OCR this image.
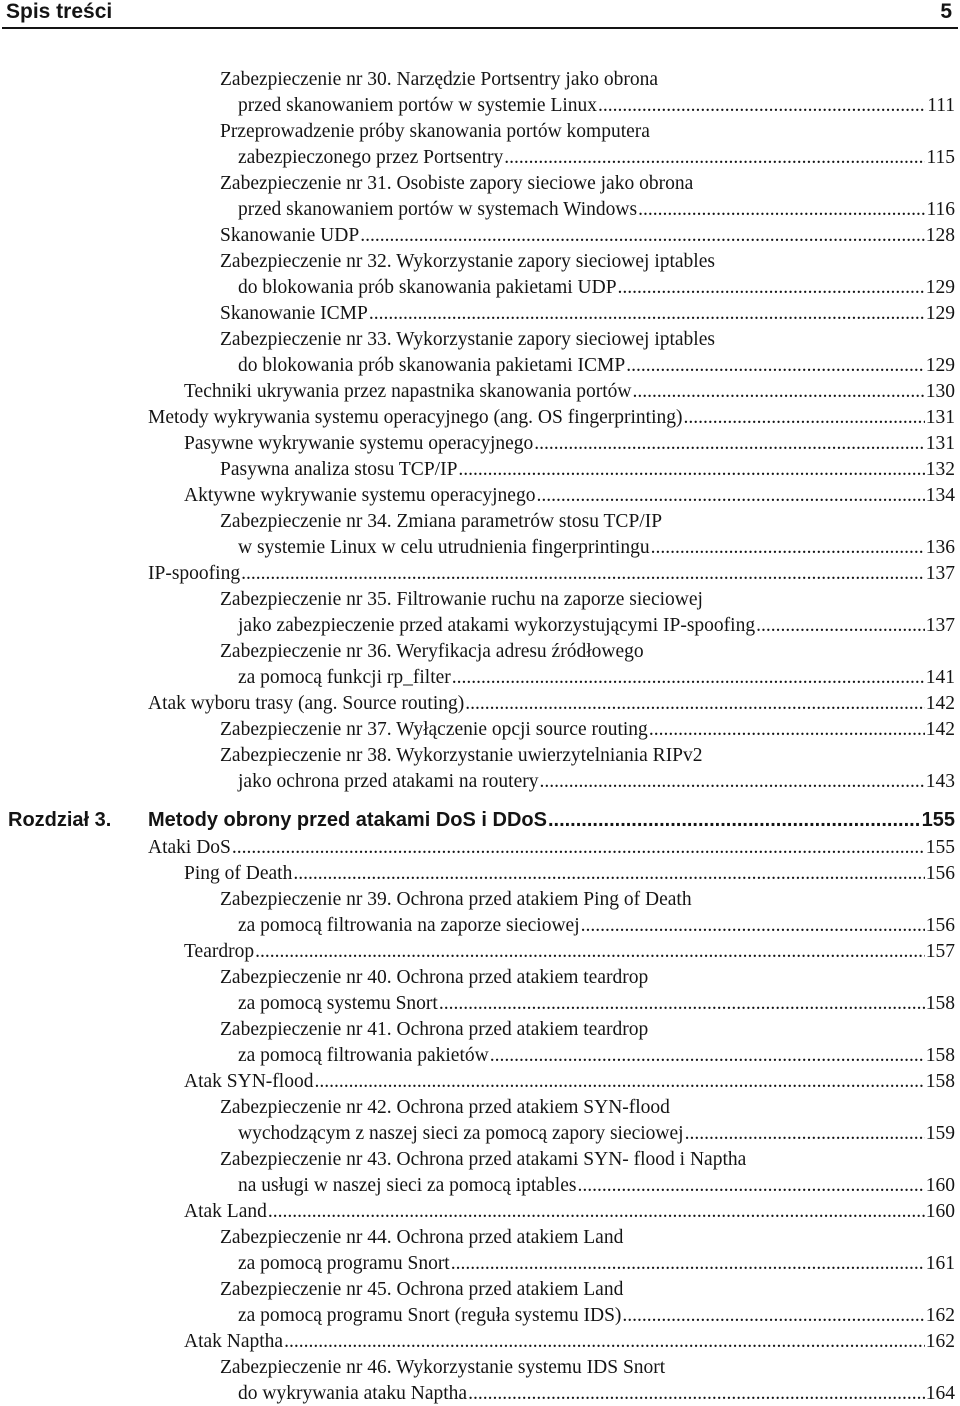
Spis treści	5
Rozdział 3.
Zabezpieczenie nr 30. Narzędzie Portsentry jako obrona
przed skanowaniem portów w systemie Linux .....	111
Przeprowadzenie próby skanowania portów komputera
zabezpieczonego przez Portsentry .....	115
Zabezpieczenie nr 31. Osobiste zapory sieciowe jako obrona
przed skanowaniem portów w systemach Windows .....	116
Skanowanie UDP .....	128
Zabezpieczenie nr 32. Wykorzystanie zapory sieciowej iptables
do blokowania prób skanowania pakietami UDP .....	129
Skanowanie ICMP .....	129
Zabezpieczenie nr 33. Wykorzystanie zapory sieciowej iptables
do blokowania prób skanowania pakietami ICMP .....	129
Techniki ukrywania przez napastnika skanowania portów .....	130
Metody wykrywania systemu operacyjnego (ang. OS fingerprinting) .....	131
Pasywne wykrywanie systemu operacyjnego .....	131
Pasywna analiza stosu TCP/IP .....	132
Aktywne wykrywanie systemu operacyjnego .....	134
Zabezpieczenie nr 34. Zmiana parametrów stosu TCP/IP
w systemie Linux w celu utrudnienia fingerprintingu .....	136
IP-spoofing .....	137
Zabezpieczenie nr 35. Filtrowanie ruchu na zaporze sieciowej
jako zabezpieczenie przed atakami wykorzystującymi IP-spoofing .....	137
Zabezpieczenie nr 36. Weryfikacja adresu źródłowego
za pomocą funkcji rp_filter .....	141
Atak wyboru trasy (ang. Source routing) .....	142
Zabezpieczenie nr 37. Wyłączenie opcji source routing .....	142
Zabezpieczenie nr 38. Wykorzystanie uwierzytelniania RIPv2
jako ochrona przed atakami na routery .....	143
Metody obrony przed atakami DoS i DDoS .....	155
Ataki DoS .....	155
Ping of Death .....	156
Zabezpieczenie nr 39. Ochrona przed atakiem Ping of Death
za pomocą filtrowania na zaporze sieciowej .....	156
Teardrop .....	157
Zabezpieczenie nr 40. Ochrona przed atakiem teardrop
za pomocą systemu Snort .....	158
Zabezpieczenie nr 41. Ochrona przed atakiem teardrop
za pomocą filtrowania pakietów .....	158
Atak SYN-flood .....	158
Zabezpieczenie nr 42. Ochrona przed atakiem SYN-flood
wychodzącym z naszej sieci za pomocą zapory sieciowej .....	159
Zabezpieczenie nr 43. Ochrona przed atakami SYN- flood i Naptha
na usługi w naszej sieci za pomocą iptables .....	160
Atak Land .....	160
Zabezpieczenie nr 44. Ochrona przed atakiem Land
za pomocą programu Snort .....	161
Zabezpieczenie nr 45. Ochrona przed atakiem Land
za pomocą programu Snort (reguła systemu IDS) .....	162
Atak Naptha .....	162
Zabezpieczenie nr 46. Wykorzystanie systemu IDS Snort
do wykrywania ataku Naptha .....	164
